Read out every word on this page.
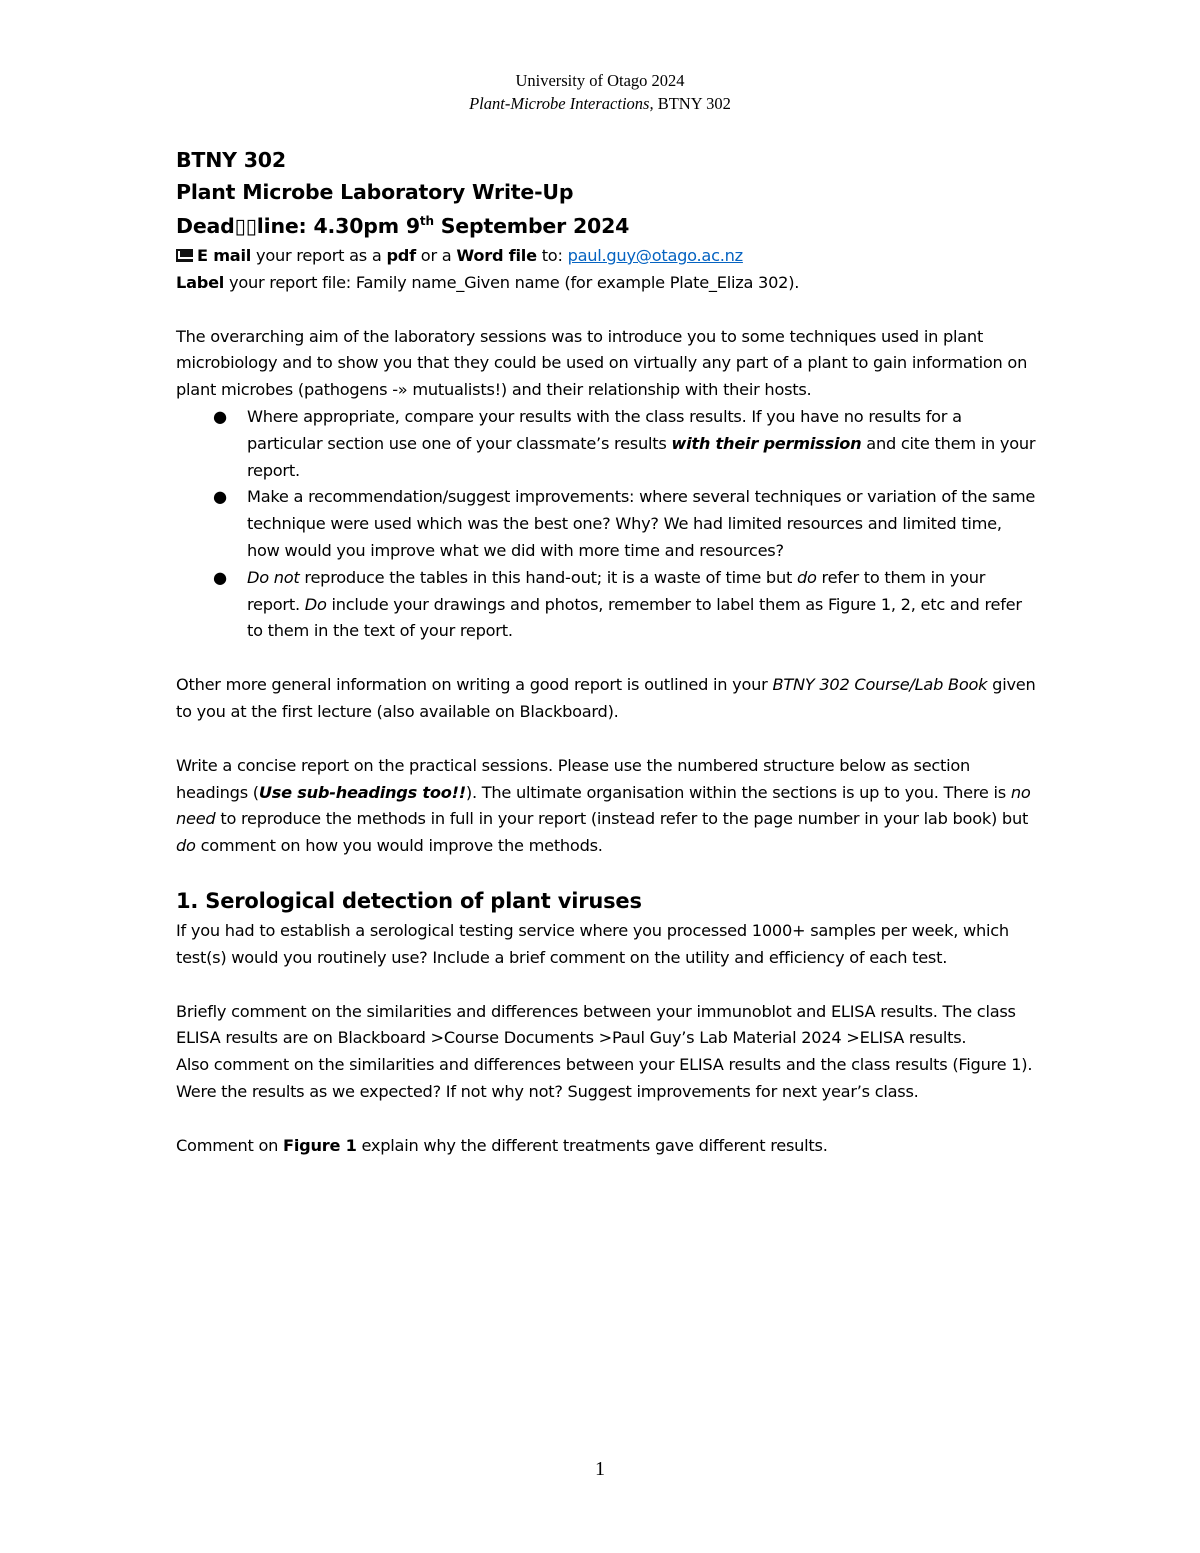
University of Otago 2024
Plant-Microbe Interactions, BTNY 302

BTNY 302

Plant Microbe Laboratory Write-Up

Dead▯▯line: 4.30pm 9th September 2024

E mail your report as a pdf or a Word file to: paul.guy@otago.ac.nz

Label your report file: Family name_Given name (for example Plate_Eliza 302).

The overarching aim of the laboratory sessions was to introduce you to some techniques used in plant microbiology and to show you that they could be used on virtually any part of a plant to gain information on plant microbes (pathogens -» mutualists!) and their relationship with their hosts.

● Where appropriate, compare your results with the class results. If you have no results for a particular section use one of your classmate’s results with their permission and cite them in your report.
● Make a recommendation/suggest improvements: where several techniques or variation of the same technique were used which was the best one? Why? We had limited resources and limited time, how would you improve what we did with more time and resources?
● Do not reproduce the tables in this hand-out; it is a waste of time but do refer to them in your report. Do include your drawings and photos, remember to label them as Figure 1, 2, etc and refer to them in the text of your report.

Other more general information on writing a good report is outlined in your BTNY 302 Course/Lab Book given to you at the first lecture (also available on Blackboard).

Write a concise report on the practical sessions. Please use the numbered structure below as section headings (Use sub-headings too!!). The ultimate organisation within the sections is up to you. There is no need to reproduce the methods in full in your report (instead refer to the page number in your lab book) but do comment on how you would improve the methods.

1. Serological detection of plant viruses

If you had to establish a serological testing service where you processed 1000+ samples per week, which test(s) would you routinely use? Include a brief comment on the utility and efficiency of each test.

Briefly comment on the similarities and differences between your immunoblot and ELISA results. The class ELISA results are on Blackboard >Course Documents >Paul Guy’s Lab Material 2024 >ELISA results.

Also comment on the similarities and differences between your ELISA results and the class results (Figure 1). Were the results as we expected? If not why not? Suggest improvements for next year’s class.

Comment on Figure 1 explain why the different treatments gave different results.

1
